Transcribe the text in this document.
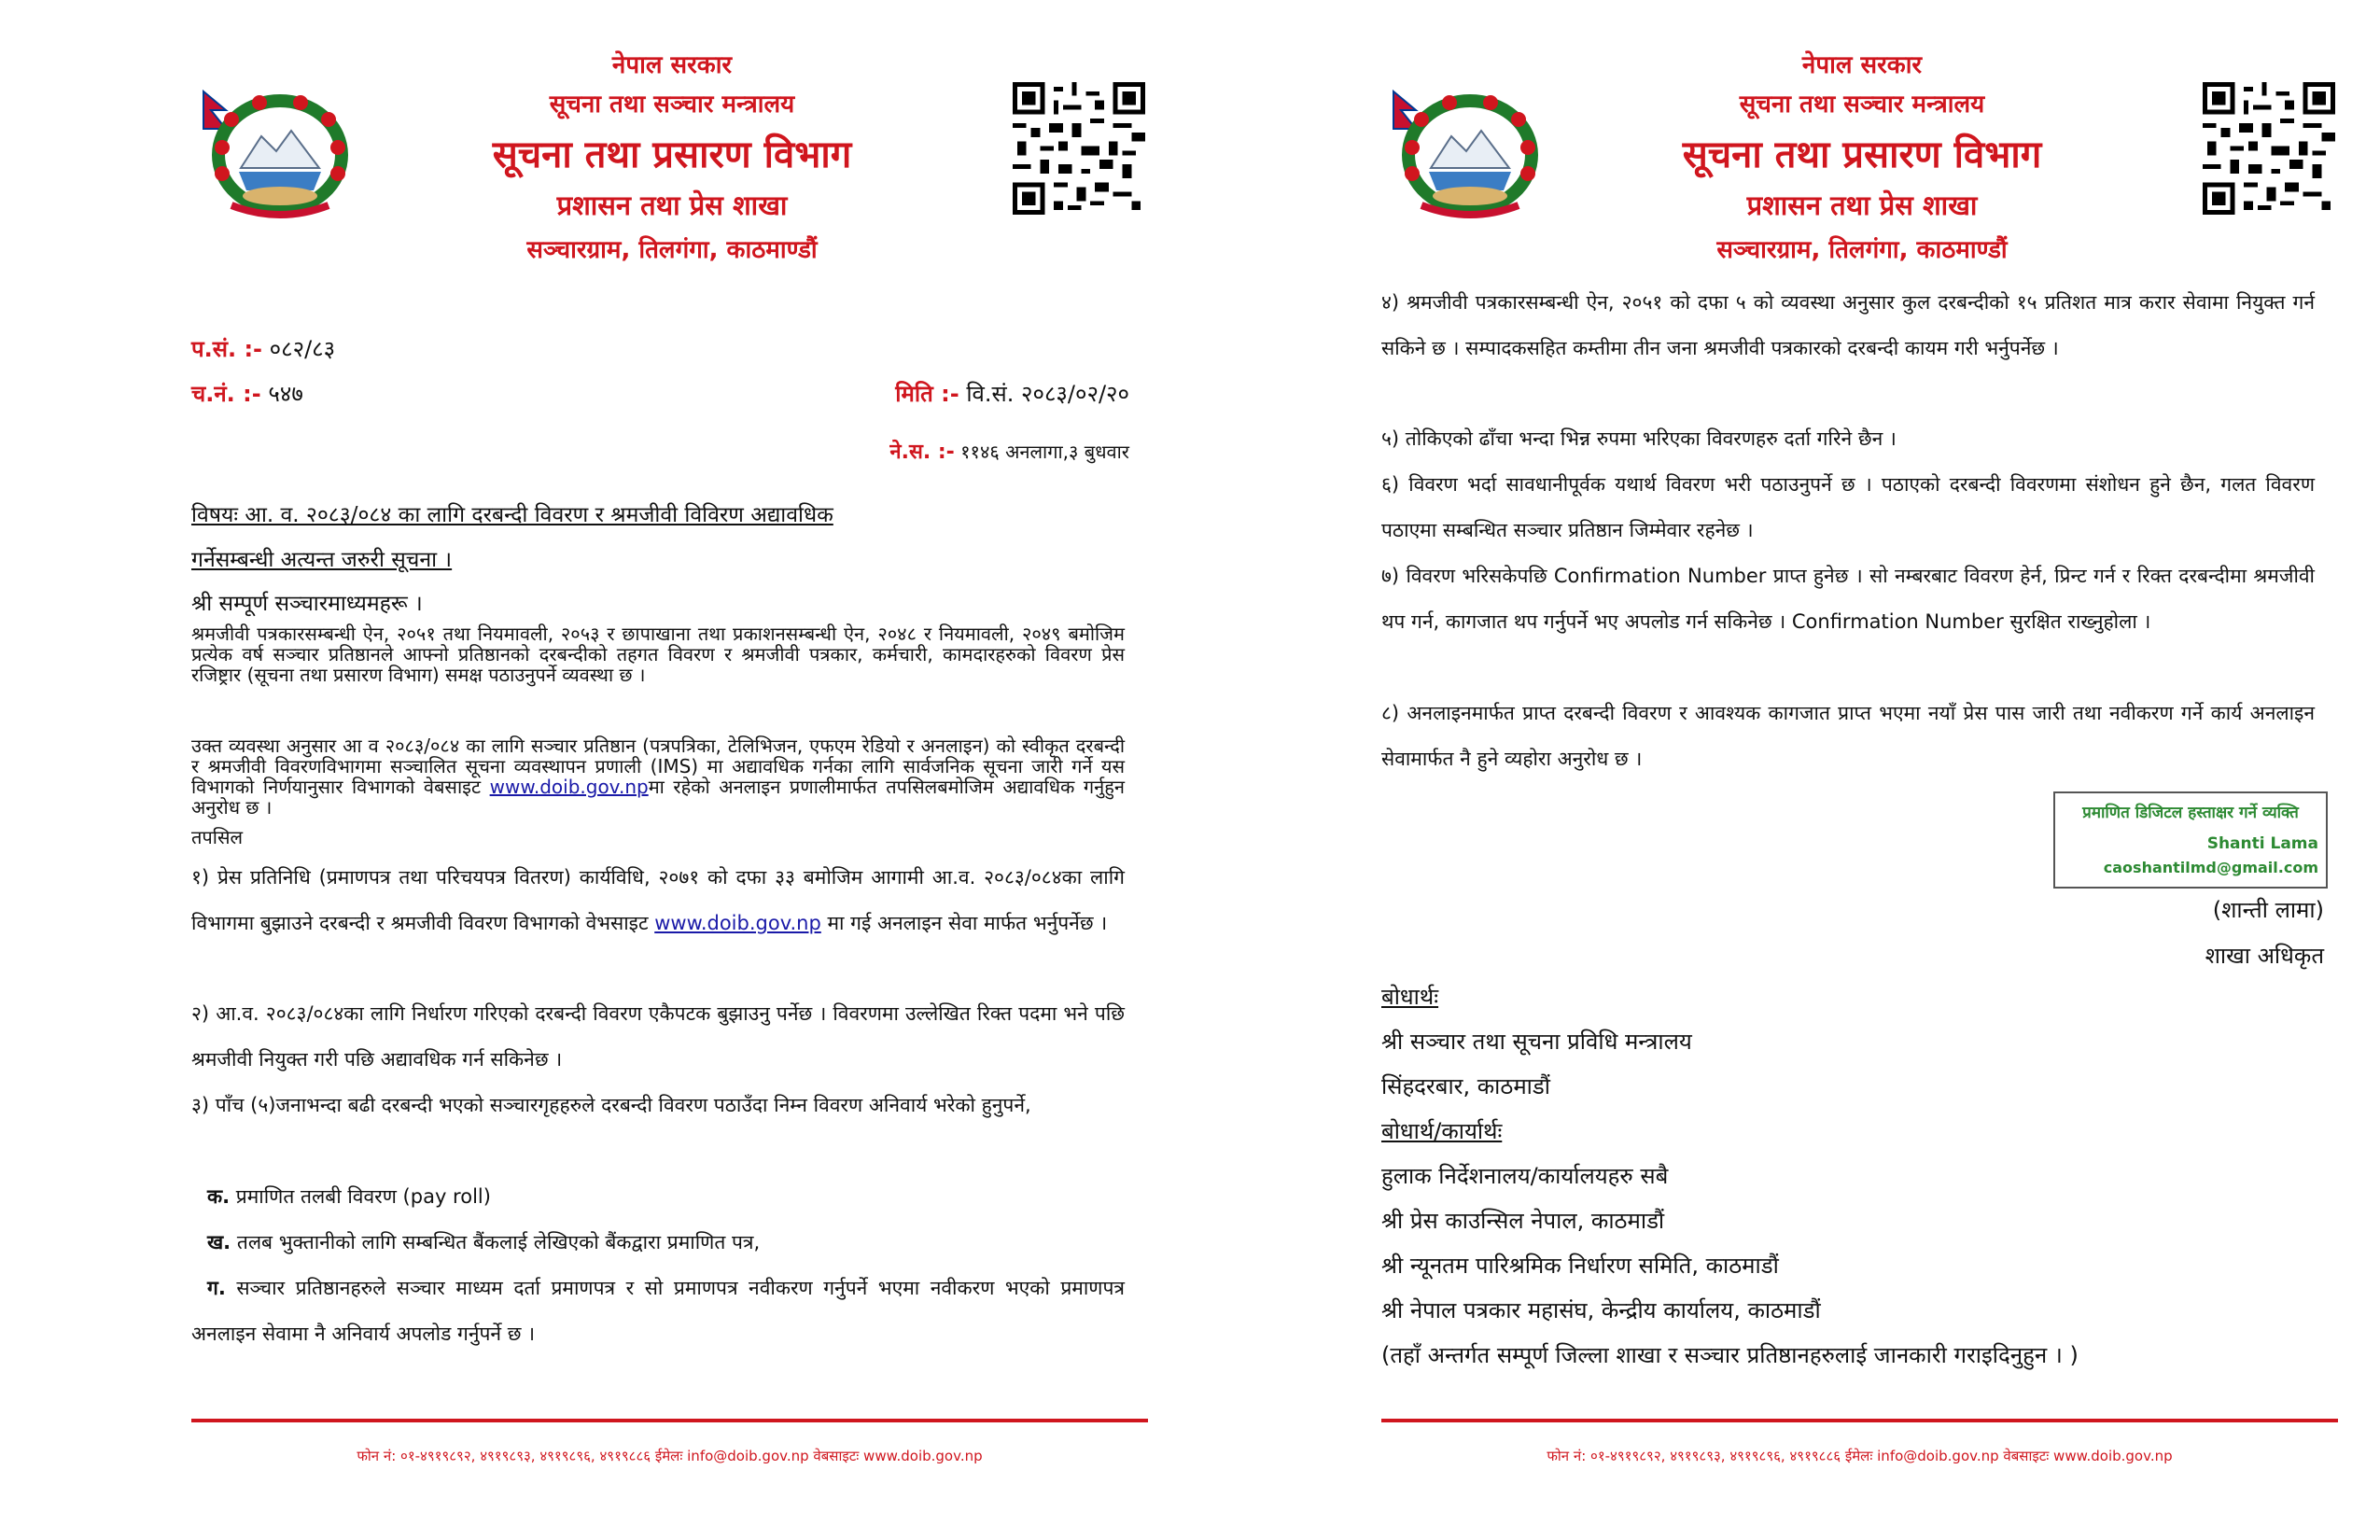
नेपाल सरकार
सूचना तथा सञ्चार मन्त्रालय
सूचना तथा प्रसारण विभाग
प्रशासन तथा प्रेस शाखा
सञ्चारग्राम, तिलगंगा, काठमाण्डौं
प.सं. :- ०८२/८३
च.नं. :- ५४७	मिति :- वि.सं. २०८३/०२/२०
ने.स. :- ११४६ अनलागा,३ बुधवार
विषयः आ. व. २०८३/०८४ का लागि दरबन्दी विवरण र श्रमजीवी विविरण अद्यावधिक
गर्नेसम्बन्धी अत्यन्त जरुरी सूचना ।
श्री सम्पूर्ण सञ्चारमाध्यमहरू ।
श्रमजीवी पत्रकारसम्बन्धी ऐन, २०५१ तथा नियमावली, २०५३ र छापाखाना तथा प्रकाशनसम्बन्धी ऐन, २०४८ र नियमावली, २०४९ बमोजिम प्रत्येक वर्ष सञ्चार प्रतिष्ठानले आफ्नो प्रतिष्ठानको दरबन्दीको तहगत विवरण र श्रमजीवी पत्रकार, कर्मचारी, कामदारहरुको विवरण प्रेस रजिष्ट्रार (सूचना तथा प्रसारण विभाग) समक्ष पठाउनुपर्ने व्यवस्था छ ।
उक्त व्यवस्था अनुसार आ व २०८३/०८४ का लागि सञ्चार प्रतिष्ठान (पत्रपत्रिका, टेलिभिजन, एफएम रेडियो र अनलाइन) को स्वीकृत दरबन्दी र श्रमजीवी विवरणविभागमा सञ्चालित सूचना व्यवस्थापन प्रणाली (IMS) मा अद्यावधिक गर्नका लागि सार्वजनिक सूचना जारी गर्ने यस विभागको निर्णयानुसार विभागको वेबसाइट www.doib.gov.npमा रहेको अनलाइन प्रणालीमार्फत तपसिलबमोजिम अद्यावधिक गर्नुहुन अनुरोध छ ।
तपसिल
१) प्रेस प्रतिनिधि (प्रमाणपत्र तथा परिचयपत्र वितरण) कार्यविधि, २०७१ को दफा ३३ बमोजिम आगामी आ.व. २०८३/०८४का लागि विभागमा बुझाउने दरबन्दी र श्रमजीवी विवरण विभागको वेभसाइट www.doib.gov.np मा गई अनलाइन सेवा मार्फत भर्नुपर्नेछ ।
२) आ.व. २०८३/०८४का लागि निर्धारण गरिएको दरबन्दी विवरण एकैपटक बुझाउनु पर्नेछ । विवरणमा उल्लेखित रिक्त पदमा भने पछि श्रमजीवी नियुक्त गरी पछि अद्यावधिक गर्न सकिनेछ ।
३) पाँच (५)जनाभन्दा बढी दरबन्दी भएको सञ्चारगृहहरुले दरबन्दी विवरण पठाउँदा निम्न विवरण अनिवार्य भरेको हुनुपर्ने,
क. प्रमाणित तलबी विवरण (pay roll)
ख. तलब भुक्तानीको लागि सम्बन्धित बैंकलाई लेखिएको बैंकद्वारा प्रमाणित पत्र,
ग. सञ्चार प्रतिष्ठानहरुले सञ्चार माध्यम दर्ता प्रमाणपत्र र सो प्रमाणपत्र नवीकरण गर्नुपर्ने भएमा नवीकरण भएको प्रमाणपत्र अनलाइन सेवामा नै अनिवार्य अपलोड गर्नुपर्ने छ ।
फोन नं: ०१-४९१९८९२, ४९१९८९३, ४९१९८९६, ४९१९८८६ ईमेलः info@doib.gov.np वेबसाइटः www.doib.gov.np
नेपाल सरकार
सूचना तथा सञ्चार मन्त्रालय
सूचना तथा प्रसारण विभाग
प्रशासन तथा प्रेस शाखा
सञ्चारग्राम, तिलगंगा, काठमाण्डौं
४) श्रमजीवी पत्रकारसम्बन्धी ऐन, २०५१ को दफा ५ को व्यवस्था अनुसार कुल दरबन्दीको १५ प्रतिशत मात्र करार सेवामा नियुक्त गर्न सकिने छ । सम्पादकसहित कम्तीमा तीन जना श्रमजीवी पत्रकारको दरबन्दी कायम गरी भर्नुपर्नेछ ।
५) तोकिएको ढाँचा भन्दा भिन्न रुपमा भरिएका विवरणहरु दर्ता गरिने छैन ।
६) विवरण भर्दा सावधानीपूर्वक यथार्थ विवरण भरी पठाउनुपर्ने छ । पठाएको दरबन्दी विवरणमा संशोधन हुने छैन, गलत विवरण पठाएमा सम्बन्धित सञ्चार प्रतिष्ठान जिम्मेवार रहनेछ ।
७) विवरण भरिसकेपछि Confirmation Number प्राप्त हुनेछ । सो नम्बरबाट विवरण हेर्न, प्रिन्ट गर्न र रिक्त दरबन्दीमा श्रमजीवी थप गर्न, कागजात थप गर्नुपर्ने भए अपलोड गर्न सकिनेछ । Confirmation Number सुरक्षित राख्नुहोला ।
८) अनलाइनमार्फत प्राप्त दरबन्दी विवरण र आवश्यक कागजात प्राप्त भएमा नयाँ प्रेस पास जारी तथा नवीकरण गर्ने कार्य अनलाइन सेवामार्फत नै हुने व्यहोरा अनुरोध छ ।
फोन नं: ०१-४९१९८९२, ४९१९८९३, ४९१९८९६, ४९१९८८६ ईमेलः info@doib.gov.np वेबसाइटः www.doib.gov.np
प्रमाणित डिजिटल हस्ताक्षर गर्ने व्यक्ति
Shanti Lama
caoshantilmd@gmail.com
(शान्ती लामा)
शाखा अधिकृत
बोधार्थः
श्री सञ्चार तथा सूचना प्रविधि मन्त्रालय
सिंहदरबार, काठमाडौं
बोधार्थ/कार्यार्थः
हुलाक निर्देशनालय/कार्यालयहरु सबै
श्री प्रेस काउन्सिल नेपाल, काठमाडौं
श्री न्यूनतम पारिश्रमिक निर्धारण समिति, काठमाडौं
श्री नेपाल पत्रकार महासंघ, केन्द्रीय कार्यालय, काठमाडौं
(तहाँ अन्तर्गत सम्पूर्ण जिल्ला शाखा र सञ्चार प्रतिष्ठानहरुलाई जानकारी गराइदिनुहुन । )
